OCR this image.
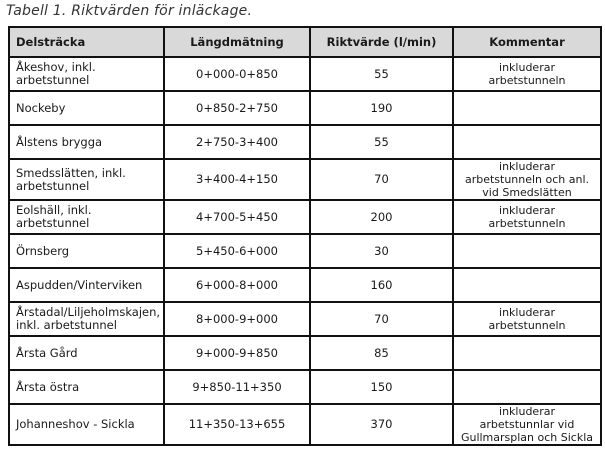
Tabell 1. Riktvärden för inläckage.
Delsträcka	Längdmätning	Riktvärde (l/min)	Kommentar
Åkeshov, inkl. arbetstunnel	0+000-0+850	55	inkluderar arbetstunneln
Nockeby	0+850-2+750	190	
Ålstens brygga	2+750-3+400	55	
Smedsslätten, inkl. arbetstunnel	3+400-4+150	70	inkluderar arbetstunneln och anl. vid Smedslätten
Eolshäll, inkl. arbetstunnel	4+700-5+450	200	inkluderar arbetstunneln
Örnsberg	5+450-6+000	30	
Aspudden/Vinterviken	6+000-8+000	160	
Årstadal/Liljeholmskajen, inkl. arbetstunnel	8+000-9+000	70	inkluderar arbetstunneln
Årsta Gård	9+000-9+850	85	
Årsta östra	9+850-11+350	150	
Johanneshov - Sickla	11+350-13+655	370	inkluderar arbetstunnlar vid Gullmarsplan och Sickla
